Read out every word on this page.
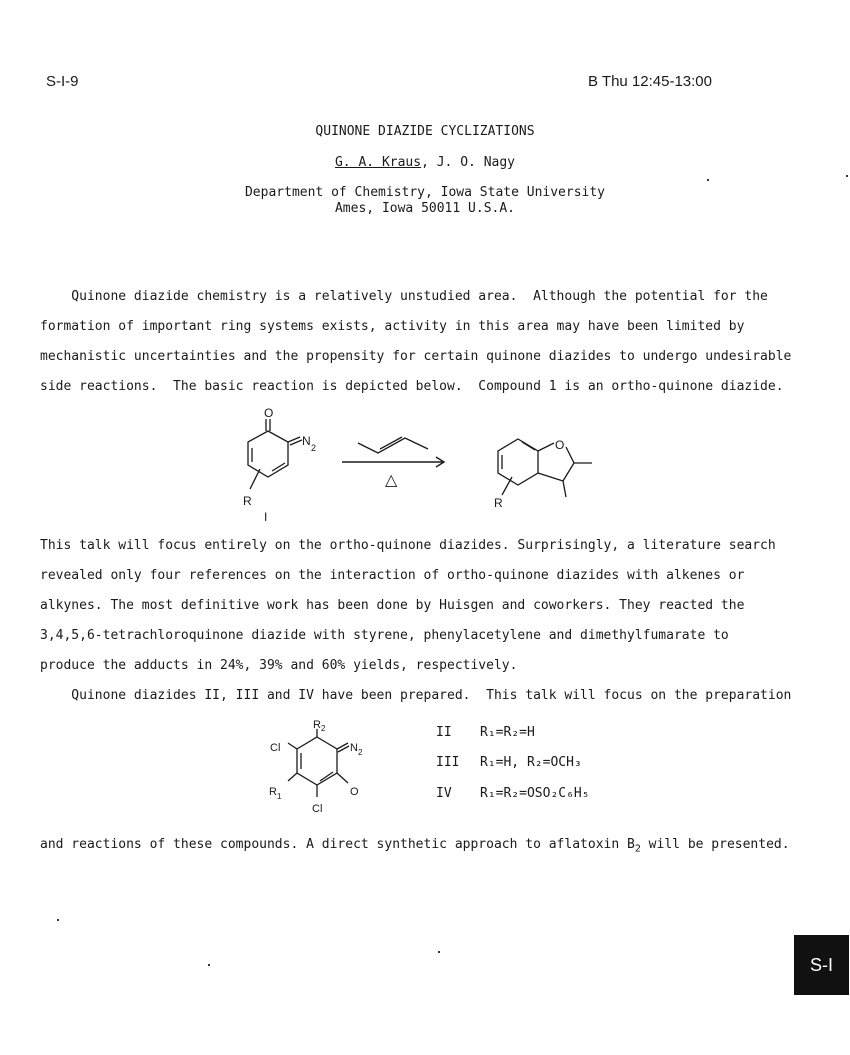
S-I-9	B Thu 12:45-13:00
QUINONE DIAZIDE CYCLIZATIONS
G. A. Kraus, J. O. Nagy
Department of Chemistry, Iowa State University
Ames, Iowa 50011 U.S.A.
Quinone diazide chemistry is a relatively unstudied area.  Although the potential for the
formation of important ring systems exists, activity in this area may have been limited by
mechanistic uncertainties and the propensity for certain quinone diazides to undergo undesirable
side reactions.  The basic reaction is depicted below.  Compound 1 is an ortho-quinone diazide.
O
N 2
R
I
△
O
R
This talk will focus entirely on the ortho-quinone diazides. Surprisingly, a literature search
revealed only four references on the interaction of ortho-quinone diazides with alkenes or
alkynes. The most definitive work has been done by Huisgen and coworkers. They reacted the
3,4,5,6-tetrachloroquinone diazide with styrene, phenylacetylene and dimethylfumarate to
produce the adducts in 24%, 39% and 60% yields, respectively.
Quinone diazides II, III and IV have been prepared.  This talk will focus on the preparation
R 2
Cl	N 2
R 1	O
Cl
II R₁=R₂=H
III R₁=H, R₂=OCH₃
IV R₁=R₂=OSO₂C₆H₅
and reactions of these compounds. A direct synthetic approach to aflatoxin $B_2$ will be presented.
S-I
